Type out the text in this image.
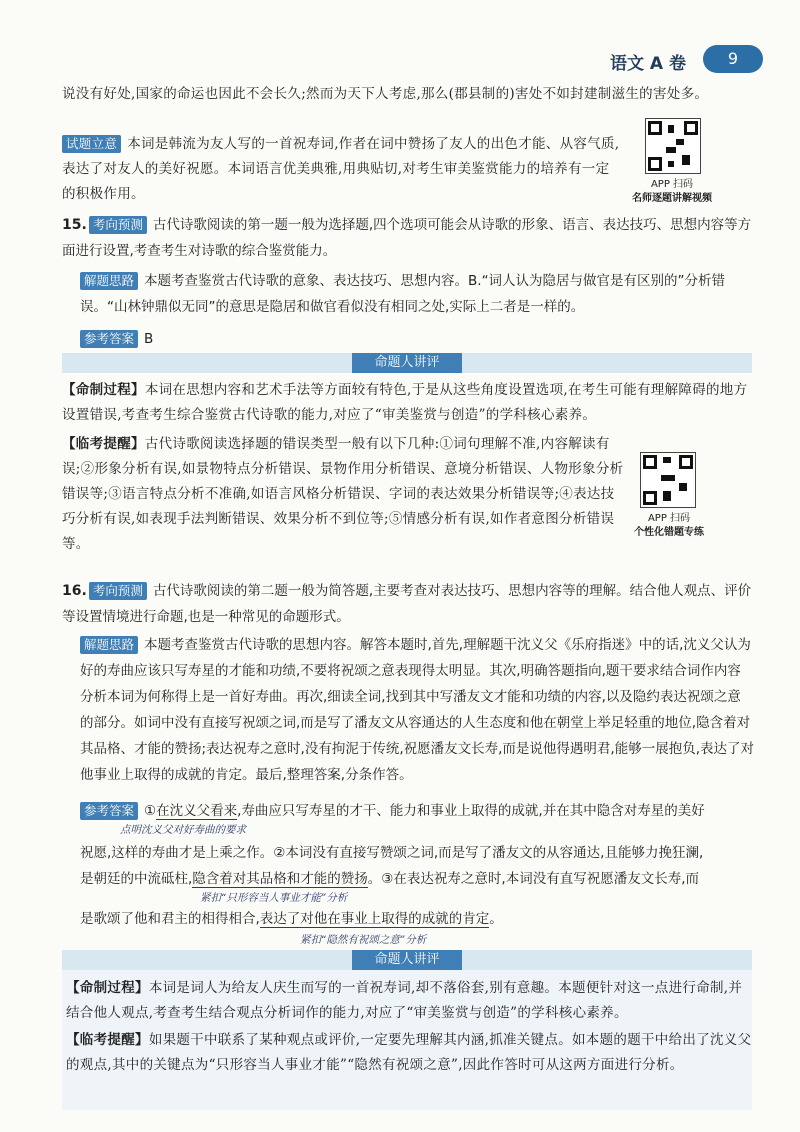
语文 A 卷	9
说没有好处,国家的命运也因此不会长久;然而为天下人考虑,那么(郡县制的)害处不如封建制滋生的害处多。
试题立意 本词是韩流为友人写的一首祝寿词,作者在词中赞扬了友人的出色才能、从容气质,表达了对友人的美好祝愿。本词语言优美典雅,用典贴切,对考生审美鉴赏能力的培养有一定的积极作用。
APP 扫码
名师逐题讲解视频
15. 考向预测 古代诗歌阅读的第一题一般为选择题,四个选项可能会从诗歌的形象、语言、表达技巧、思想内容等方面进行设置,考查考生对诗歌的综合鉴赏能力。
解题思路 本题考查鉴赏古代诗歌的意象、表达技巧、思想内容。B.“词人认为隐居与做官是有区别的”分析错误。“山林钟鼎似无同”的意思是隐居和做官看似没有相同之处,实际上二者是一样的。
参考答案 B
命题人讲评
【命制过程】本词在思想内容和艺术手法等方面较有特色,于是从这些角度设置选项,在考生可能有理解障碍的地方设置错误,考查考生综合鉴赏古代诗歌的能力,对应了“审美鉴赏与创造”的学科核心素养。
【临考提醒】古代诗歌阅读选择题的错误类型一般有以下几种:①词句理解不准,内容解读有误;②形象分析有误,如景物特点分析错误、景物作用分析错误、意境分析错误、人物形象分析错误等;③语言特点分析不准确,如语言风格分析错误、字词的表达效果分析错误等;④表达技巧分析有误,如表现手法判断错误、效果分析不到位等;⑤情感分析有误,如作者意图分析错误等。
APP 扫码
个性化错题专练
16. 考向预测 古代诗歌阅读的第二题一般为简答题,主要考查对表达技巧、思想内容等的理解。结合他人观点、评价等设置情境进行命题,也是一种常见的命题形式。
解题思路 本题考查鉴赏古代诗歌的思想内容。解答本题时,首先,理解题干沈义父《乐府指迷》中的话,沈义父认为好的寿曲应该只写寿星的才能和功绩,不要将祝颂之意表现得太明显。其次,明确答题指向,题干要求结合词作内容分析本词为何称得上是一首好寿曲。再次,细读全词,找到其中写潘友文才能和功绩的内容,以及隐约表达祝颂之意的部分。如词中没有直接写祝颂之词,而是写了潘友文从容通达的人生态度和他在朝堂上举足轻重的地位,隐含着对其品格、才能的赞扬;表达祝寿之意时,没有拘泥于传统,祝愿潘友文长寿,而是说他得遇明君,能够一展抱负,表达了对他事业上取得的成就的肯定。最后,整理答案,分条作答。
参考答案 ①在沈义父看来,寿曲应只写寿星的才干、能力和事业上取得的成就,并在其中隐含对寿星的美好
点明沈义父对好寿曲的要求
祝愿,这样的寿曲才是上乘之作。②本词没有直接写赞颂之词,而是写了潘友文的从容通达,且能够力挽狂澜,
是朝廷的中流砥柱,隐含着对其品格和才能的赞扬。③在表达祝寿之意时,本词没有直写祝愿潘友文长寿,而
紧扣“只形容当人事业才能”分析
是歌颂了他和君主的相得相合,表达了对他在事业上取得的成就的肯定。
紧扣“隐然有祝颂之意”分析
命题人讲评
【命制过程】本词是词人为给友人庆生而写的一首祝寿词,却不落俗套,别有意趣。本题便针对这一点进行命制,并结合他人观点,考查考生结合观点分析词作的能力,对应了“审美鉴赏与创造”的学科核心素养。
【临考提醒】如果题干中联系了某种观点或评价,一定要先理解其内涵,抓准关键点。如本题的题干中给出了沈义父的观点,其中的关键点为“只形容当人事业才能”“隐然有祝颂之意”,因此作答时可从这两方面进行分析。
